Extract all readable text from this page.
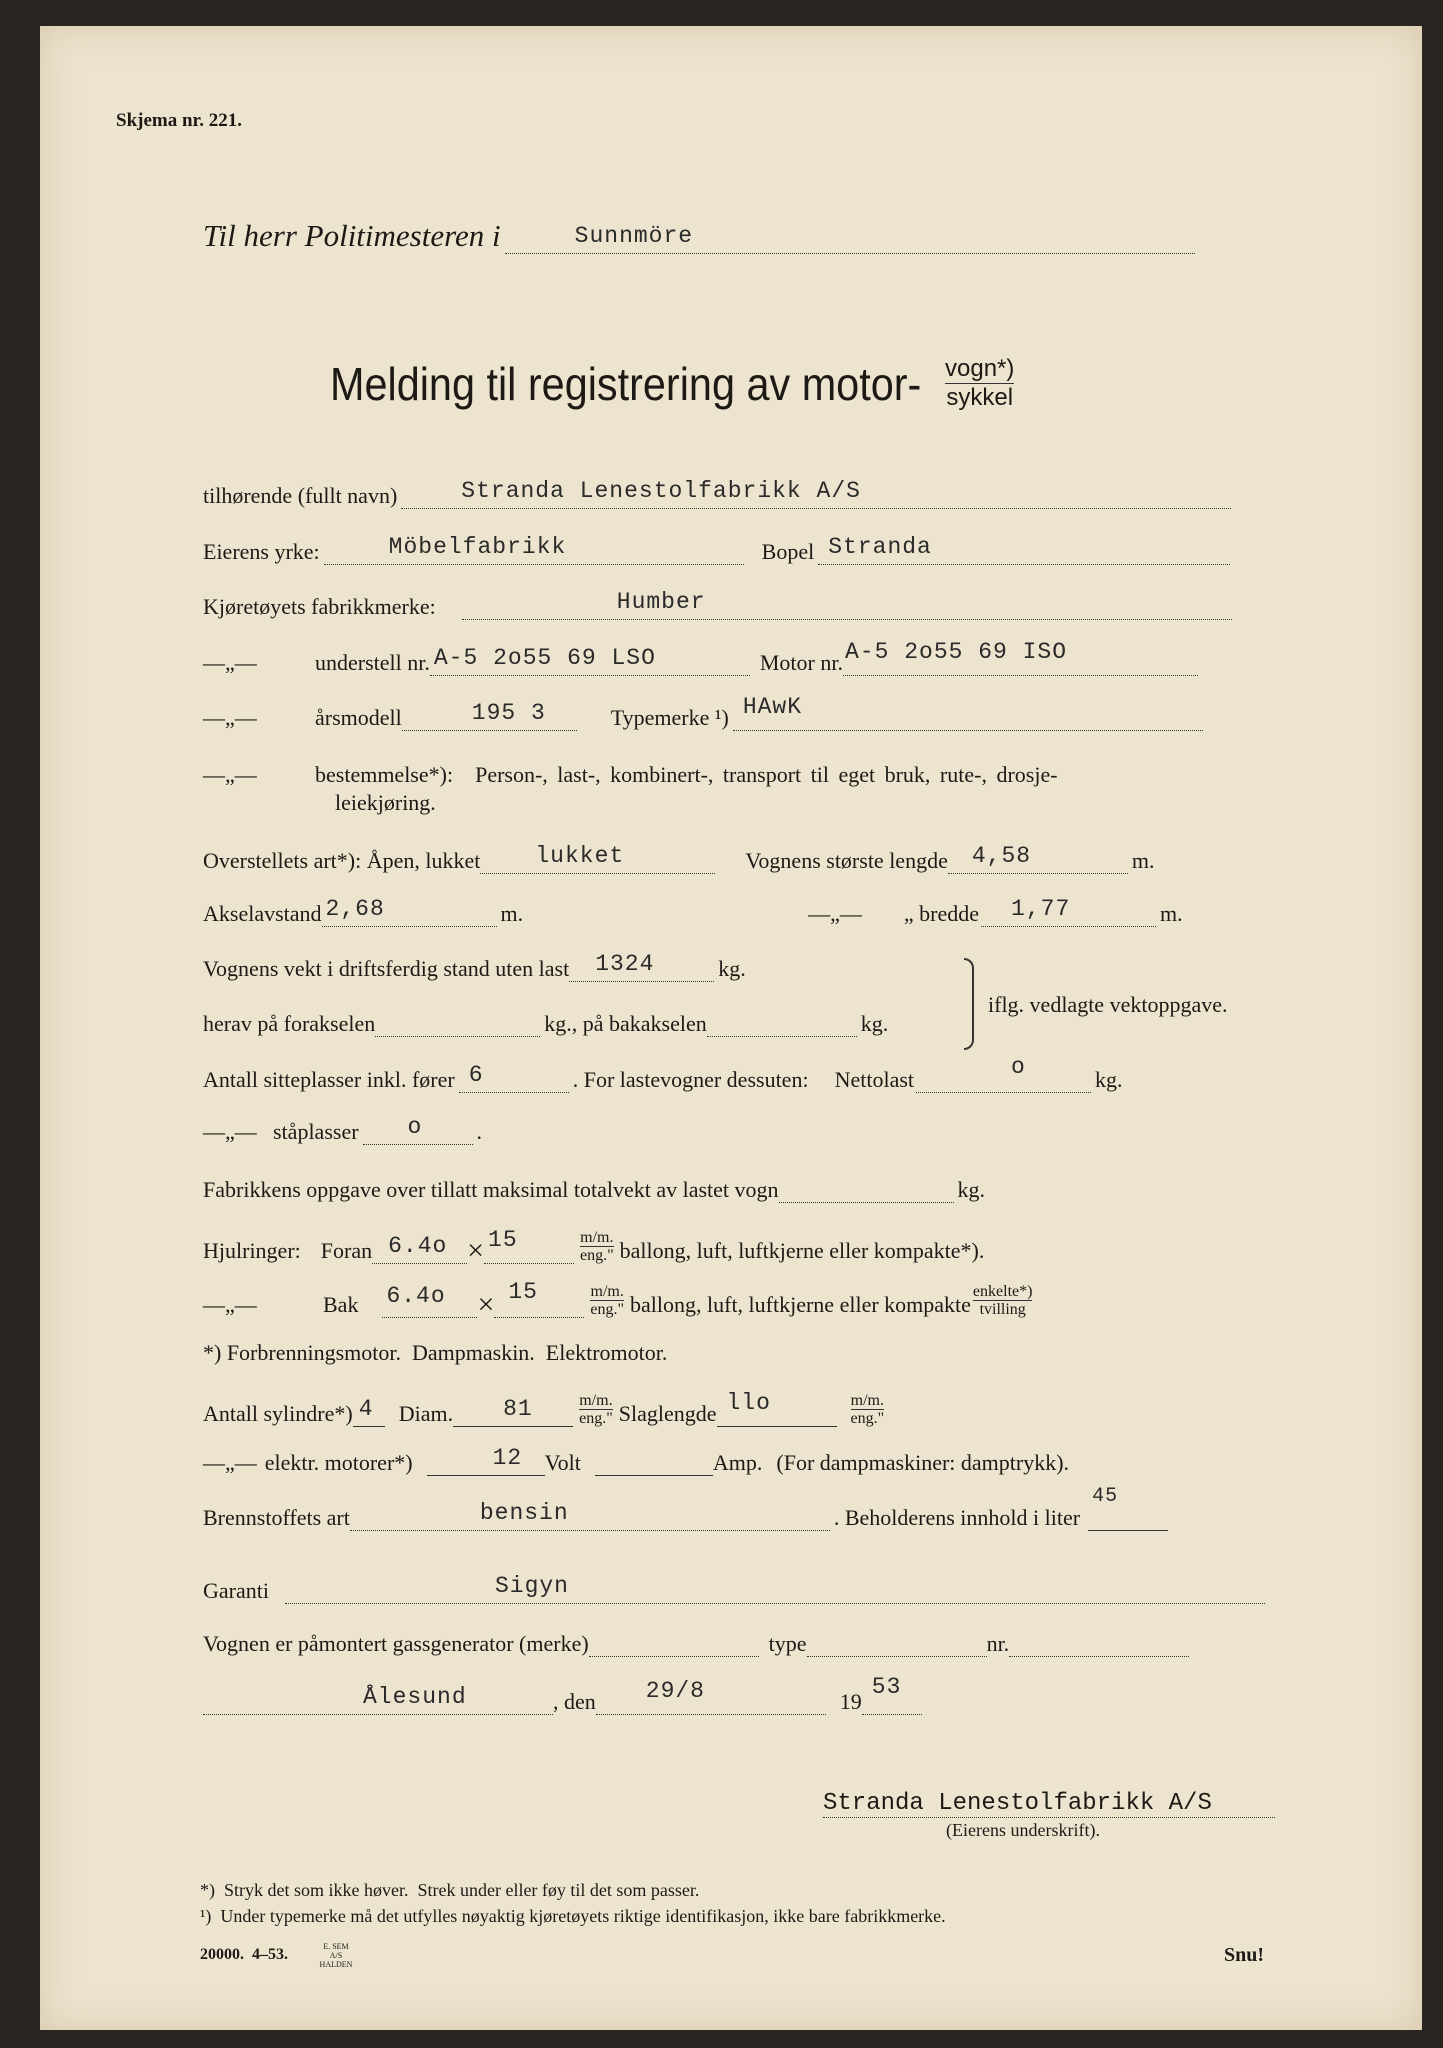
Skjema nr. 221.
Til herr Politimesteren i	Sunnmöre
Melding til registrering av motor- $\frac{\text{vogn*)}}{\text{sykkel}}$
tilhørende (fullt navn)	Stranda Lenestolfabrikk A/S
Eierens yrke:	Möbelfabrikk	Bopel Stranda
Kjøretøyets fabrikkmerke:	Humber
—„—	understell nr. A-5 2o55 69 LSO	Motor nr. A-5 2o55 69 ISO
—„—	årsmodell	195 3	Typemerke ¹) HAwK
—„—	bestemmelse*): Person-, last-, kombinert-, transport til eget bruk, rute-, drosje-
leiekjøring.
Overstellets art*): Åpen, lukket lukket	Vognens største lengde 4,58	m.
Akselavstand 2,68	m.	—„— „ bredde 1,77	m.
Vognens vekt i driftsferdig stand uten last 1324	kg.
herav på forakselen	kg., på bakakselen	kg.
iflg. vedlagte vektoppgave.
Antall sitteplasser inkl. fører 6	. For lastevogner dessuten: Nettolast	o	kg.
—„— ståplasser o .
Fabrikkens oppgave over tillatt maksimal totalvekt av lastet vogn	kg.
Hjulringer: Foran 6.4o × 15	$\frac{m/m.}{\text{eng."}}$ ballong, luft, luftkjerne eller kompakte*).
—„—	Bak 6.4o × 15	$\frac{m/m.}{\text{eng."}}$ ballong, luft, luftkjerne eller kompakte $\frac{\text{enkelte*)}}{\text{tvilling}}$
*) Forbrenningsmotor.  Dampmaskin.  Elektromotor.
Antall sylindre*) 4 Diam. 81	$\frac{m/m.}{\text{eng."}}$ Slaglengde llo	$\frac{m/m.}{\text{eng."}}$
—„— elektr. motorer*)	12 Volt	Amp. (For dampmaskiner: damptrykk).
Brennstoffets art	bensin	. Beholderens innhold i liter
45
Garanti	Sigyn
Vognen er påmontert gassgenerator (merke)	type	nr.
Ålesund	, den 29/8	19
53
Stranda Lenestolfabrikk A/S
(Eierens underskrift).
*)  Stryk det som ikke høver.  Strek under eller føy til det som passer.
¹)  Under typemerke må det utfylles nøyaktig kjøretøyets riktige identifikasjon, ikke bare fabrikkmerke.
20000.  4–53.	E. SEM A/S HALDEN	Snu!
